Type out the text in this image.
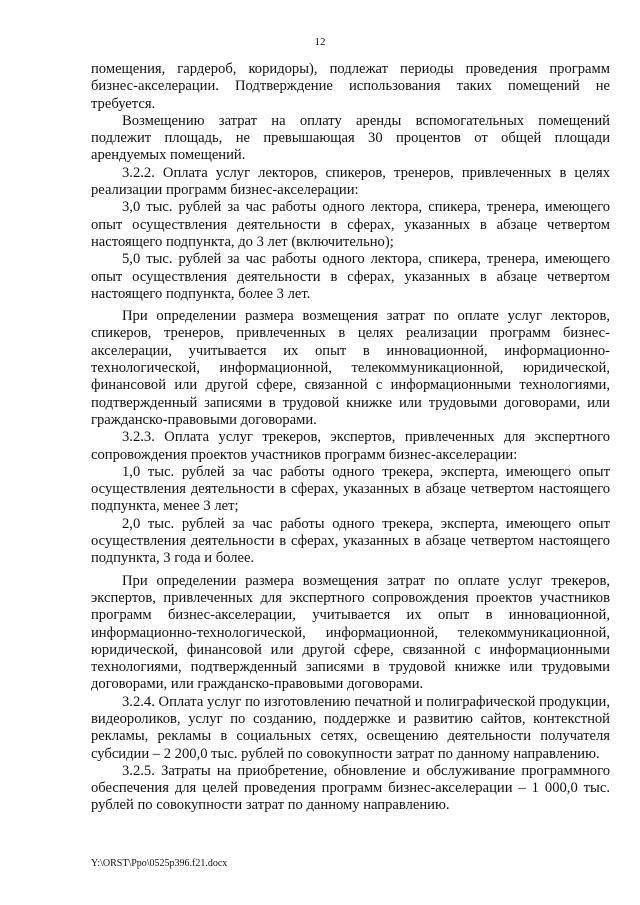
12

помещения, гардероб, коридоры), подлежат периоды проведения программ бизнес-акселерации. Подтверждение использования таких помещений не требуется.

Возмещению затрат на оплату аренды вспомогательных помещений подлежит площадь, не превышающая 30 процентов от общей площади арендуемых помещений.

3.2.2. Оплата услуг лекторов, спикеров, тренеров, привлеченных в целях реализации программ бизнес-акселерации:

3,0 тыс. рублей за час работы одного лектора, спикера, тренера, имеющего опыт осуществления деятельности в сферах, указанных в абзаце четвертом настоящего подпункта, до 3 лет (включительно);

5,0 тыс. рублей за час работы одного лектора, спикера, тренера, имеющего опыт осуществления деятельности в сферах, указанных в абзаце четвертом настоящего подпункта, более 3 лет.

При определении размера возмещения затрат по оплате услуг лекторов, спикеров, тренеров, привлеченных в целях реализации программ бизнес-акселерации, учитывается их опыт в инновационной, информационно-технологической, информационной, телекоммуникационной, юридической, финансовой или другой сфере, связанной с информационными технологиями, подтвержденный записями в трудовой книжке или трудовыми договорами, или гражданско-правовыми договорами.

3.2.3. Оплата услуг трекеров, экспертов, привлеченных для экспертного сопровождения проектов участников программ бизнес-акселерации:

1,0 тыс. рублей за час работы одного трекера, эксперта, имеющего опыт осуществления деятельности в сферах, указанных в абзаце четвертом настоящего подпункта, менее 3 лет;

2,0 тыс. рублей за час работы одного трекера, эксперта, имеющего опыт осуществления деятельности в сферах, указанных в абзаце четвертом настоящего подпункта, 3 года и более.

При определении размера возмещения затрат по оплате услуг трекеров, экспертов, привлеченных для экспертного сопровождения проектов участников программ бизнес-акселерации, учитывается их опыт в инновационной, информационно-технологической, информационной, телекоммуникационной, юридической, финансовой или другой сфере, связанной с информационными технологиями, подтвержденный записями в трудовой книжке или трудовыми договорами, или гражданско-правовыми договорами.

3.2.4. Оплата услуг по изготовлению печатной и полиграфической продукции, видеороликов, услуг по созданию, поддержке и развитию сайтов, контекстной рекламы, рекламы в социальных сетях, освещению деятельности получателя субсидии – 2 200,0 тыс. рублей по совокупности затрат по данному направлению.

3.2.5. Затраты на приобретение, обновление и обслуживание программного обеспечения для целей проведения программ бизнес-акселерации – 1 000,0 тыс. рублей по совокупности затрат по данному направлению.

Y:\ORST\Ppo\0525p396.f21.docx
